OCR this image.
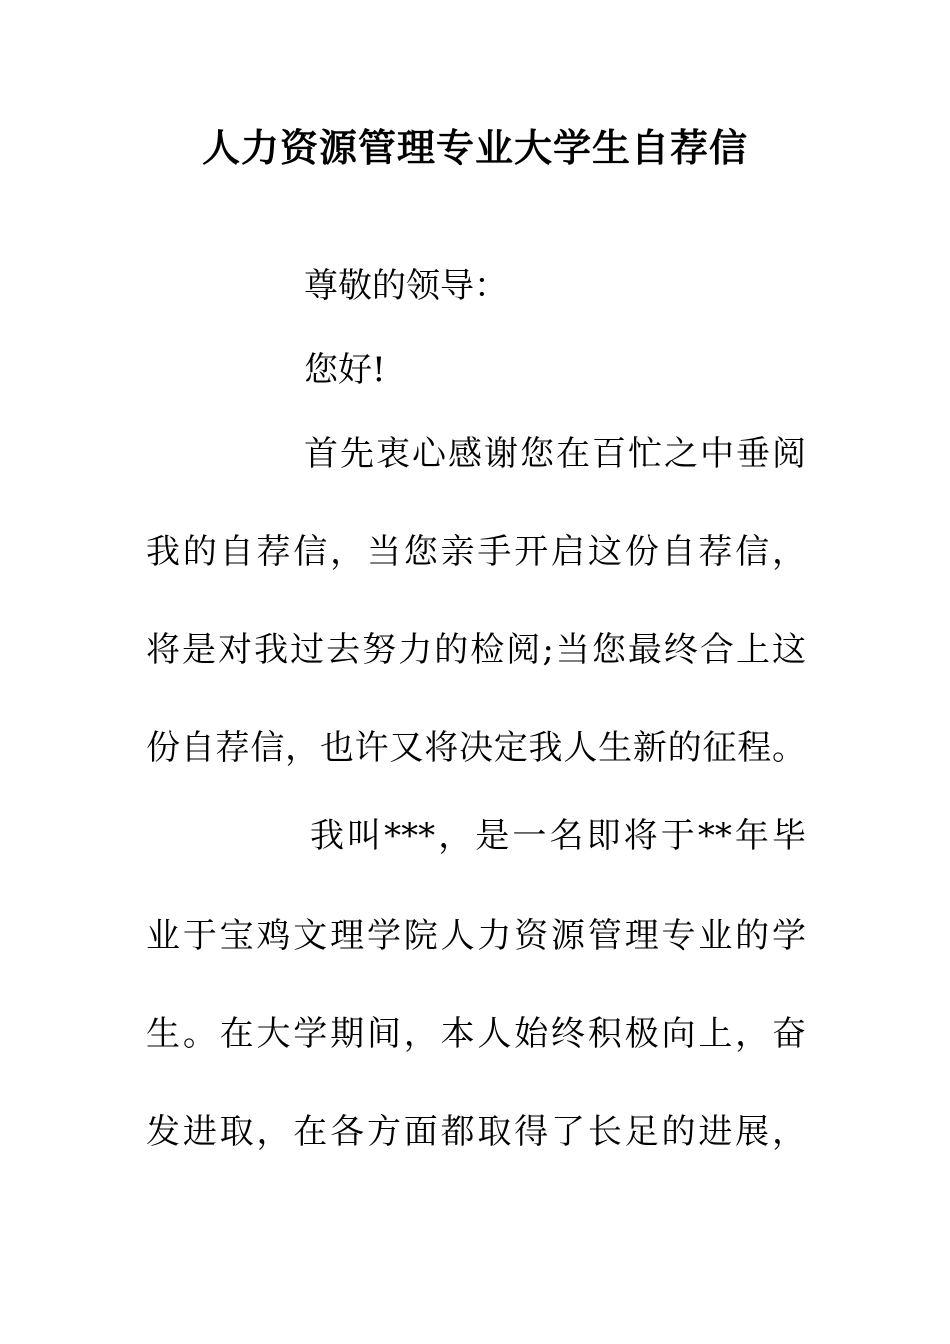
人力资源管理专业大学生自荐信
尊敬的领导：
您好!
首先衷心感谢您在百忙之中垂阅
我的自荐信，当您亲手开启这份自荐信，
将是对我过去努力的检阅;当您最终合上这
份自荐信，也许又将决定我人生新的征程。
我叫***，是一名即将于**年毕
业于宝鸡文理学院人力资源管理专业的学
生。在大学期间，本人始终积极向上，奋
发进取，在各方面都取得了长足的进展，
